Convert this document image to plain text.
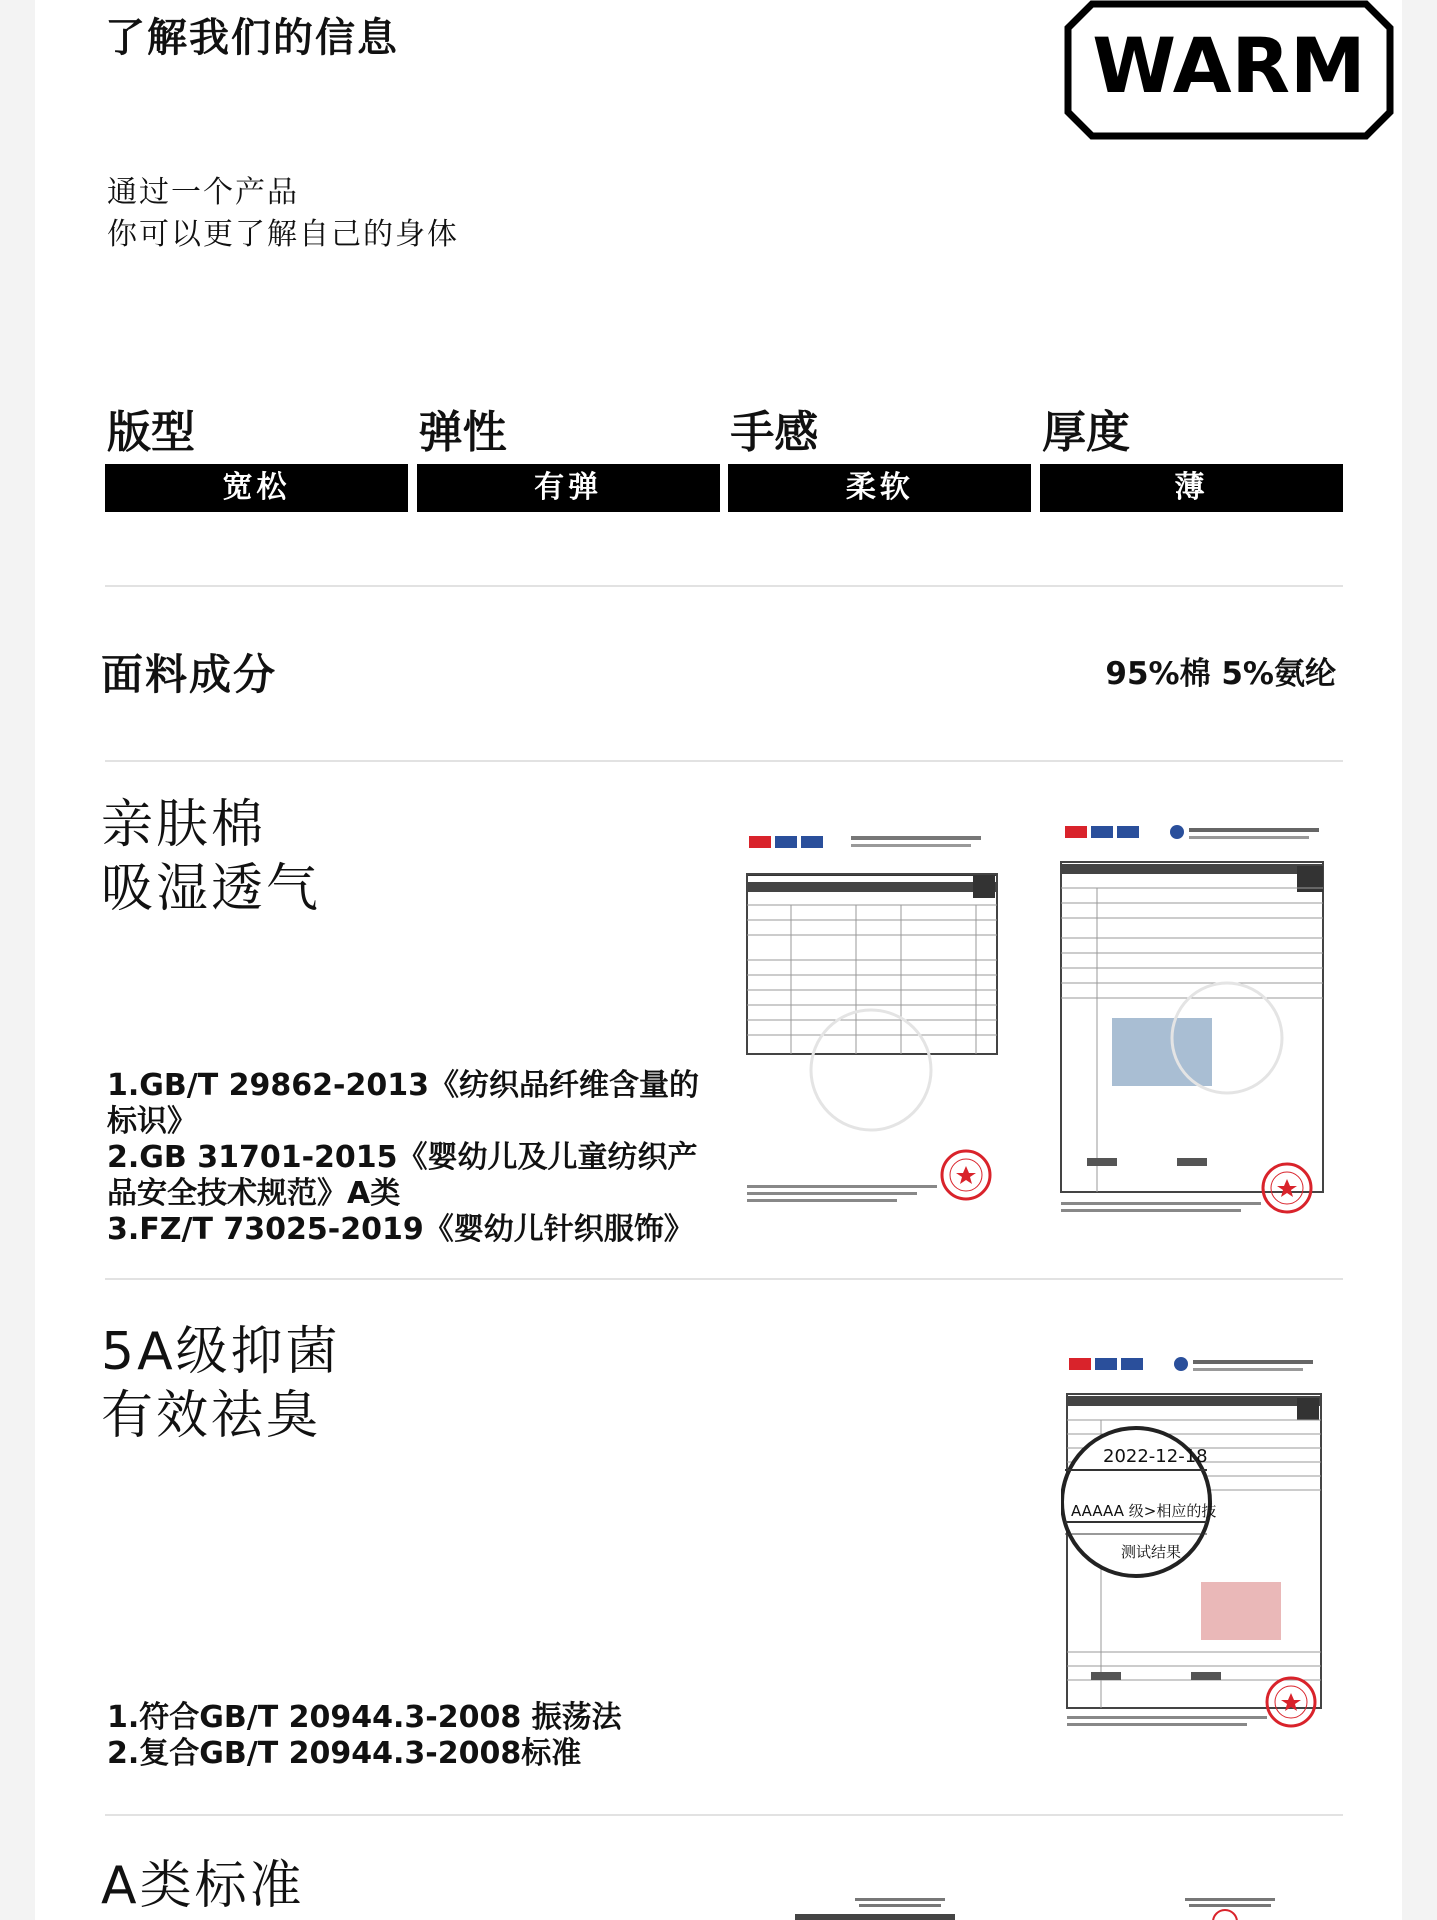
了解我们的信息	WARM
通过一个产品
你可以更了解自己的身体
版型
宽松
弹性
有弹
手感
柔软
厚度
薄
面料成分	95%棉 5%氨纶
亲肤棉
吸湿透气
1.GB/T 29862-2013《纺织品纤维含量的
标识》
2.GB 31701-2015《婴幼儿及儿童纺织产
品安全技术规范》A类
3.FZ/T 73025-2019《婴幼儿针织服饰》
5A级抑菌
有效祛臭
1.符合GB/T 20944.3-2008 振荡法
2.复合GB/T 20944.3-2008标准
2022-12-18
AAAAA 级>相应的技
测试结果
A类标准
